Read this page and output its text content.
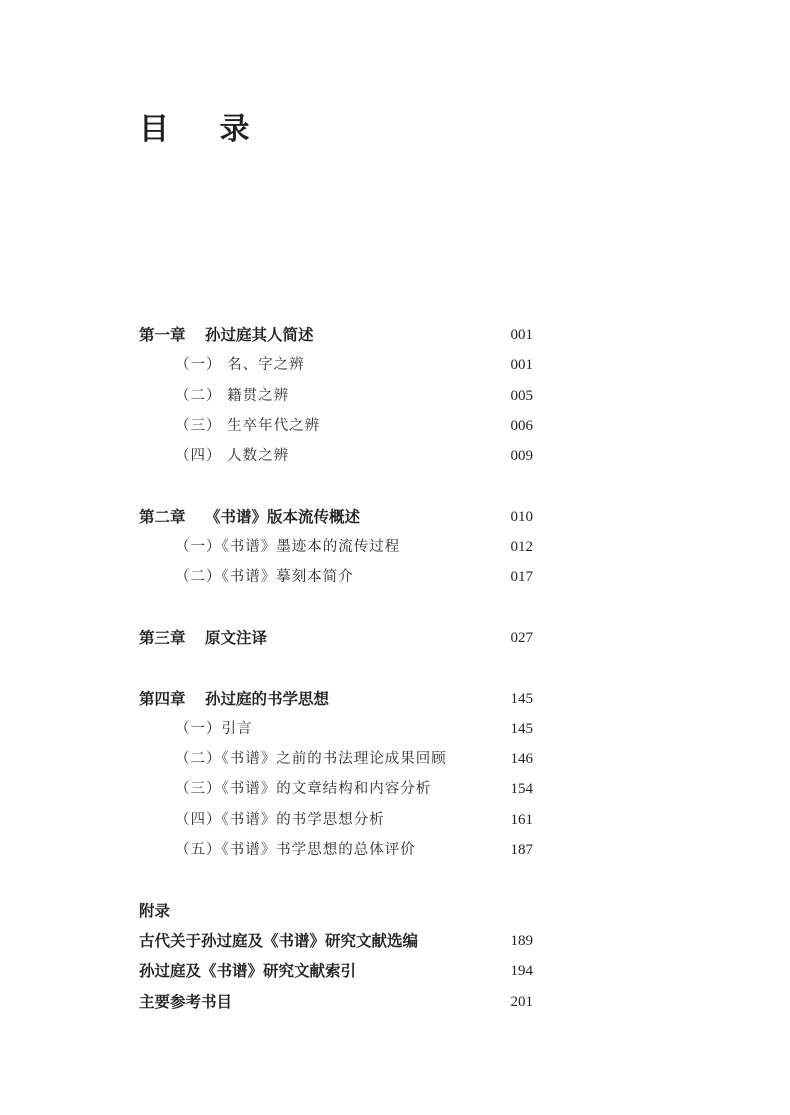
目 录
第一章 孙过庭其人简述	001
（一） 名、字之辨	001
（二） 籍贯之辨	005
（三） 生卒年代之辨	006
（四） 人数之辨	009
第二章 《书谱》版本流传概述	010
（一）《书谱》墨迹本的流传过程	012
（二）《书谱》摹刻本简介	017
第三章 原文注译	027
第四章 孙过庭的书学思想	145
（一）引言	145
（二）《书谱》之前的书法理论成果回顾	146
（三）《书谱》的文章结构和内容分析	154
（四）《书谱》的书学思想分析	161
（五）《书谱》书学思想的总体评价	187
附录
古代关于孙过庭及《书谱》研究文献选编	189
孙过庭及《书谱》研究文献索引	194
主要参考书目	201
